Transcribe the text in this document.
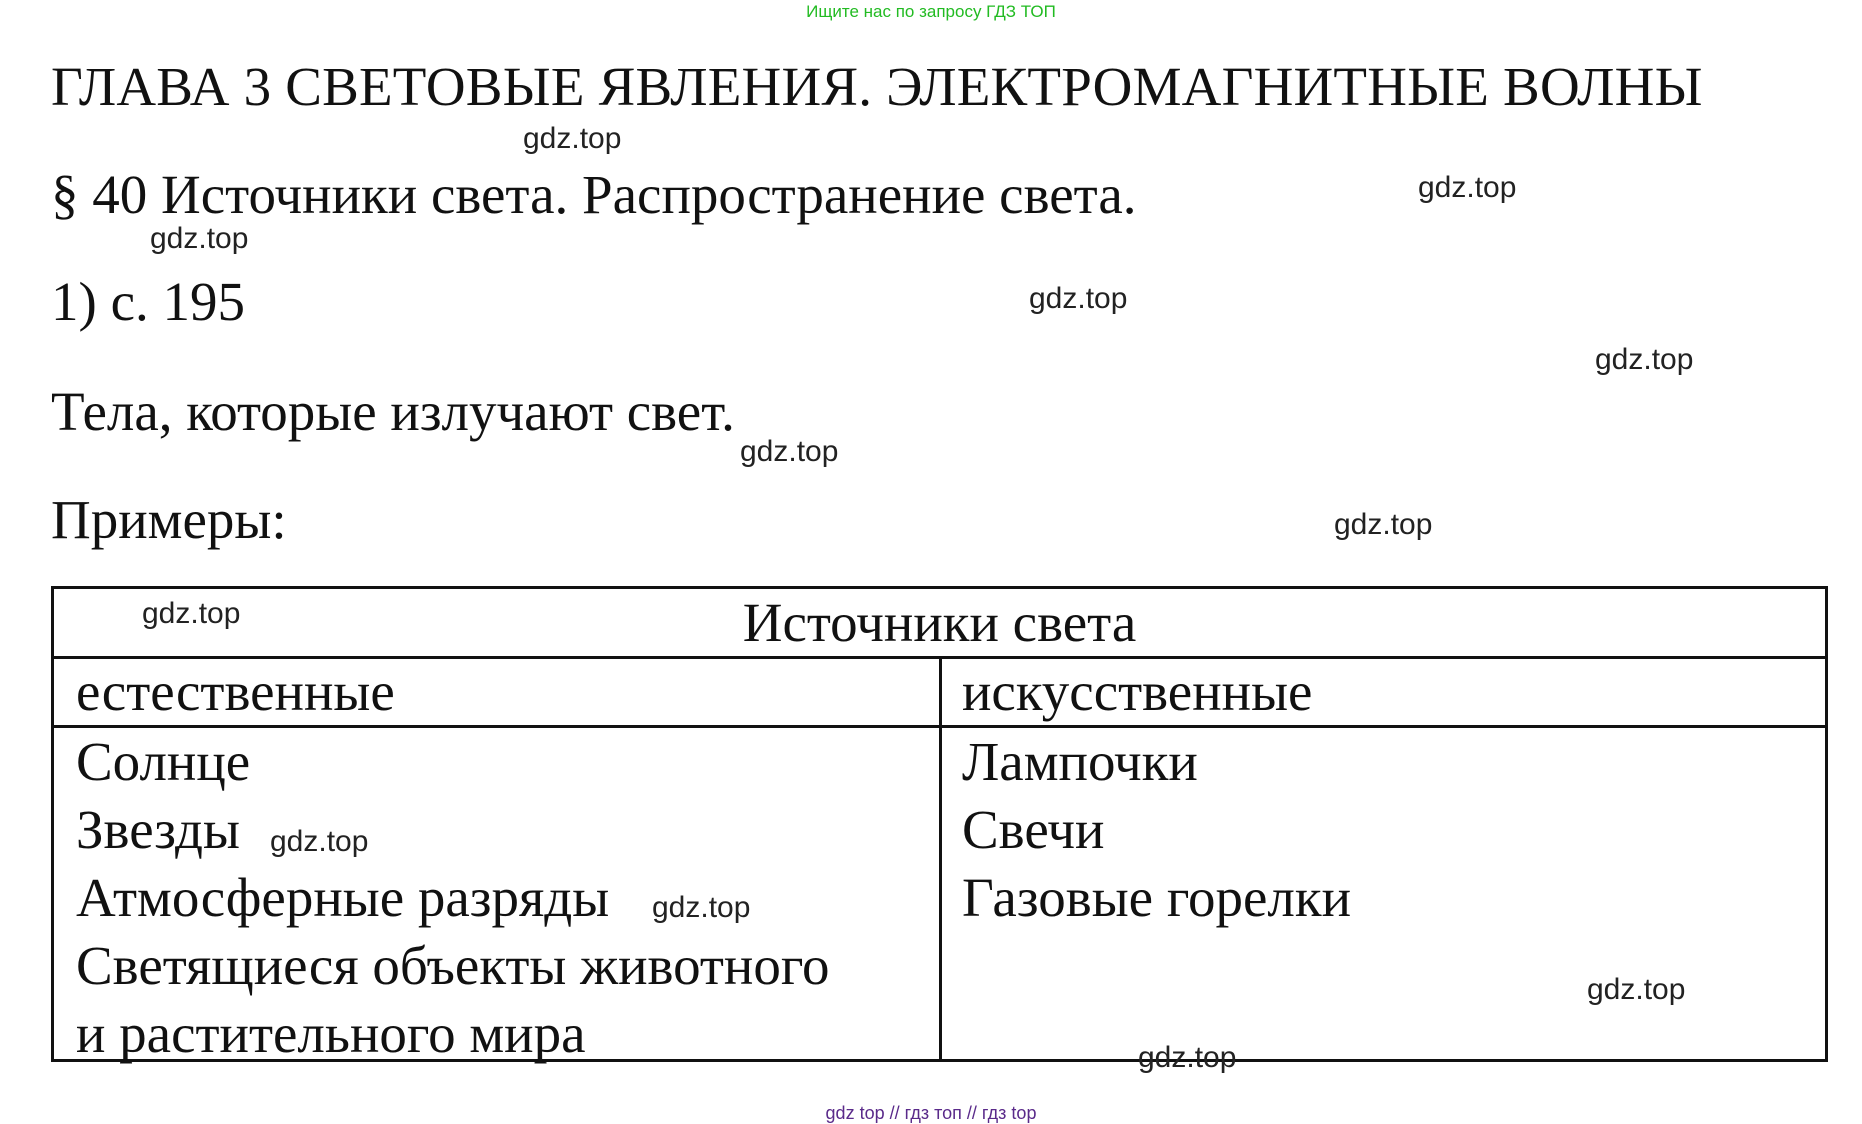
Ищите нас по запросу ГДЗ ТОП
ГЛАВА 3 СВЕТОВЫЕ ЯВЛЕНИЯ. ЭЛЕКТРОМАГНИТНЫЕ ВОЛНЫ
§ 40 Источники света. Распространение света.
1) с. 195
Тела, которые излучают свет.
Примеры:
Источники света
естественные
Солнце
Звезды
Атмосферные разряды
Светящиеся объекты животного
и растительного мира
искусственные
Лампочки
Свечи
Газовые горелки
gdz.top
gdz.top
gdz.top
gdz.top
gdz.top
gdz.top
gdz.top
gdz.top
gdz.top
gdz.top
gdz.top
gdz.top
gdz top // гдз топ // гдз top
